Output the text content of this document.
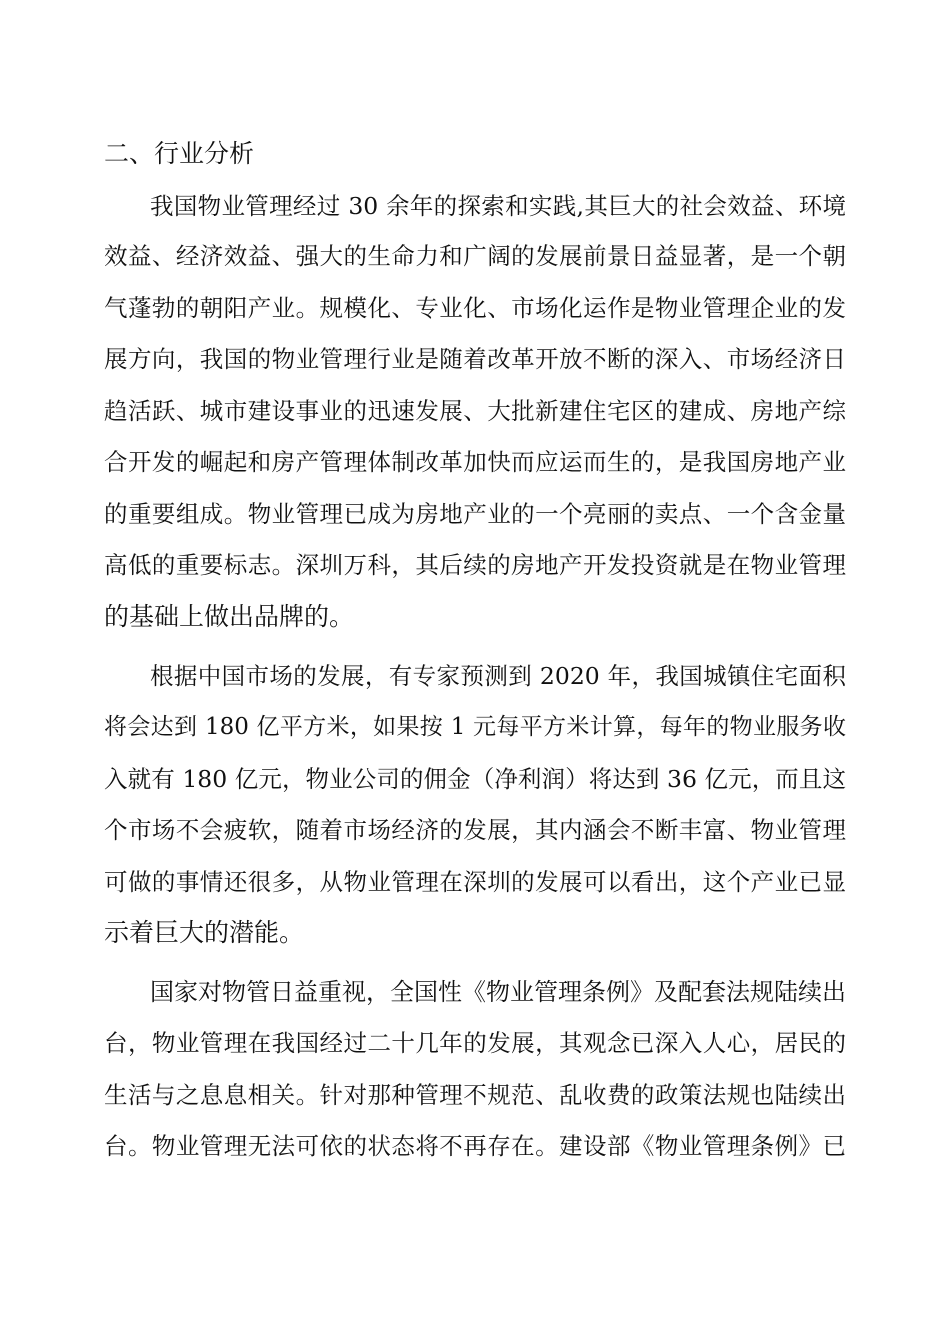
二、行业分析
我国物业管理经过 30 余年的探索和实践,其巨大的社会效益、环境
效益、经济效益、强大的生命力和广阔的发展前景日益显著，是一个朝
气蓬勃的朝阳产业。规模化、专业化、市场化运作是物业管理企业的发
展方向，我国的物业管理行业是随着改革开放不断的深入、市场经济日
趋活跃、城市建设事业的迅速发展、大批新建住宅区的建成、房地产综
合开发的崛起和房产管理体制改革加快而应运而生的，是我国房地产业
的重要组成。物业管理已成为房地产业的一个亮丽的卖点、一个含金量
高低的重要标志。深圳万科，其后续的房地产开发投资就是在物业管理
的基础上做出品牌的。
根据中国市场的发展，有专家预测到 2020 年，我国城镇住宅面积
将会达到 180 亿平方米，如果按 1 元每平方米计算，每年的物业服务收
入就有 180 亿元，物业公司的佣金（净利润）将达到 36 亿元，而且这
个市场不会疲软，随着市场经济的发展，其内涵会不断丰富、物业管理
可做的事情还很多，从物业管理在深圳的发展可以看出，这个产业已显
示着巨大的潜能。
国家对物管日益重视，全国性《物业管理条例》及配套法规陆续出
台，物业管理在我国经过二十几年的发展，其观念已深入人心，居民的
生活与之息息相关。针对那种管理不规范、乱收费的政策法规也陆续出
台。物业管理无法可依的状态将不再存在。建设部《物业管理条例》已
